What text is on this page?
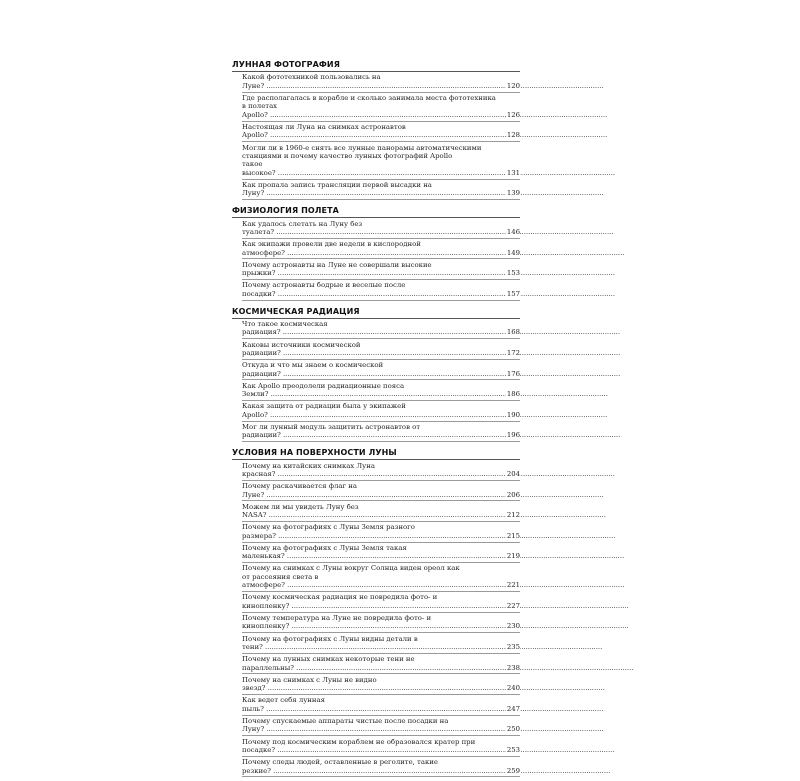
ЛУННАЯ ФОТОГРАФИЯ
Какой фототехникой пользовались на Луне? .....	120
Где располагалась в корабле и сколько занимала места фототехника
в полетах Apollo? .....	126
Настоящая ли Луна на снимках астронавтов Apollo? .....	128
Могли ли в 1960-е снять все лунные панорамы автоматическими
станциями и почему качество лунных фотографий Apollo
такое высокое? .....	131
Как пропала запись трансляции первой высадки на Луну? .....	139
ФИЗИОЛОГИЯ ПОЛЕТА
Как удалось слетать на Луну без туалета? .....	146
Как экипажи провели две недели в кислородной атмосфере? .....	149
Почему астронавты на Луне не совершали высокие прыжки? .....	153
Почему астронавты бодрые и веселые после посадки? .....	157
КОСМИЧЕСКАЯ РАДИАЦИЯ
Что такое космическая радиация? .....	168
Каковы источники космической радиации? .....	172
Откуда и что мы знаем о космической радиации? .....	176
Как Apollo преодолели радиационные пояса Земли? .....	186
Какая защита от радиации была у экипажей Apollo? .....	190
Мог ли лунный модуль защитить астронавтов от радиации? .....	196
УСЛОВИЯ НА ПОВЕРХНОСТИ ЛУНЫ
Почему на китайских снимках Луна красная? .....	204
Почему раскачивается флаг на Луне? .....	206
Можем ли мы увидеть Луну без NASA? .....	212
Почему на фотографиях с Луны Земля разного размера? .....	215
Почему на фотографиях с Луны Земля такая маленькая? .....	219
Почему на снимках с Луны вокруг Солнца виден ореол как
от рассеяния света в атмосфере? .....	221
Почему космическая радиация не повредила фото- и кинопленку? .....	227
Почему температура на Луне не повредила фото- и кинопленку? .....	230
Почему на фотографиях с Луны видны детали в тени? .....	235
Почему на лунных снимках некоторые тени не параллельны? .....	238
Почему на снимках с Луны не видно звезд? .....	240
Как ведет себя лунная пыль? .....	247
Почему спускаемые аппараты чистые после посадки на Луну? .....	250
Почему под космическим кораблем не образовался кратер при посадке? .....	253
Почему следы людей, оставленные в реголите, такие резкие? .....	259
